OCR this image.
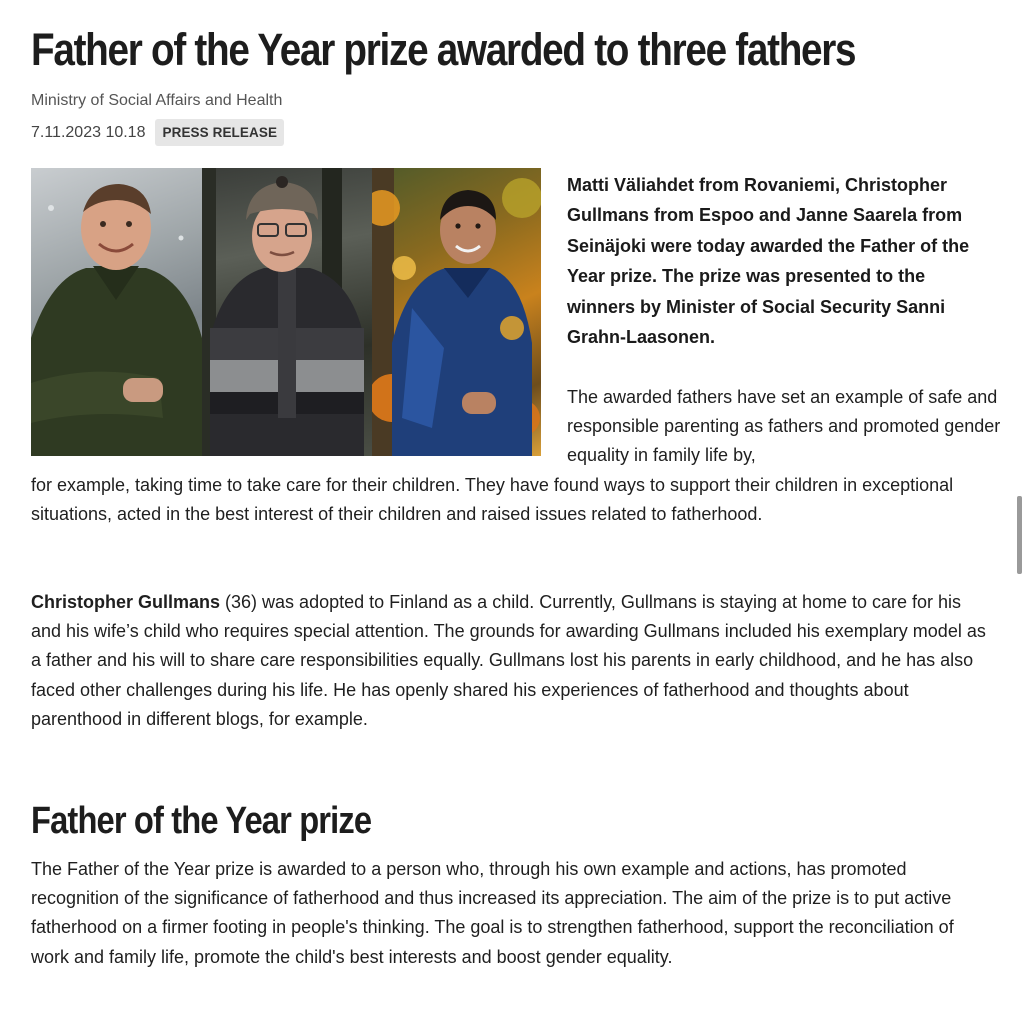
Father of the Year prize awarded to three fathers
Ministry of Social Affairs and Health
7.11.2023 10.18	PRESS RELEASE

Matti Väliahdet from Rovaniemi, Christopher Gullmans from Espoo and Janne Saarela from Seinäjoki were today awarded the Father of the Year prize. The prize was presented to the winners by Minister of Social Security Sanni Grahn-Laasonen.

The awarded fathers have set an example of safe and responsible parenting as fathers and promoted gender equality in family life by,

for example, taking time to take care for their children. They have found ways to support their children in exceptional situations, acted in the best interest of their children and raised issues related to fatherhood.

Christopher Gullmans (36) was adopted to Finland as a child. Currently, Gullmans is staying at home to care for his and his wife’s child who requires special attention. The grounds for awarding Gullmans included his exemplary model as a father and his will to share care responsibilities equally. Gullmans lost his parents in early childhood, and he has also faced other challenges during his life. He has openly shared his experiences of fatherhood and thoughts about parenthood in different blogs, for example.

Father of the Year prize

The Father of the Year prize is awarded to a person who, through his own example and actions, has promoted recognition of the significance of fatherhood and thus increased its appreciation. The aim of the prize is to put active fatherhood on a firmer footing in people's thinking. The goal is to strengthen fatherhood, support the reconciliation of work and family life, promote the child's best interests and boost gender equality.
